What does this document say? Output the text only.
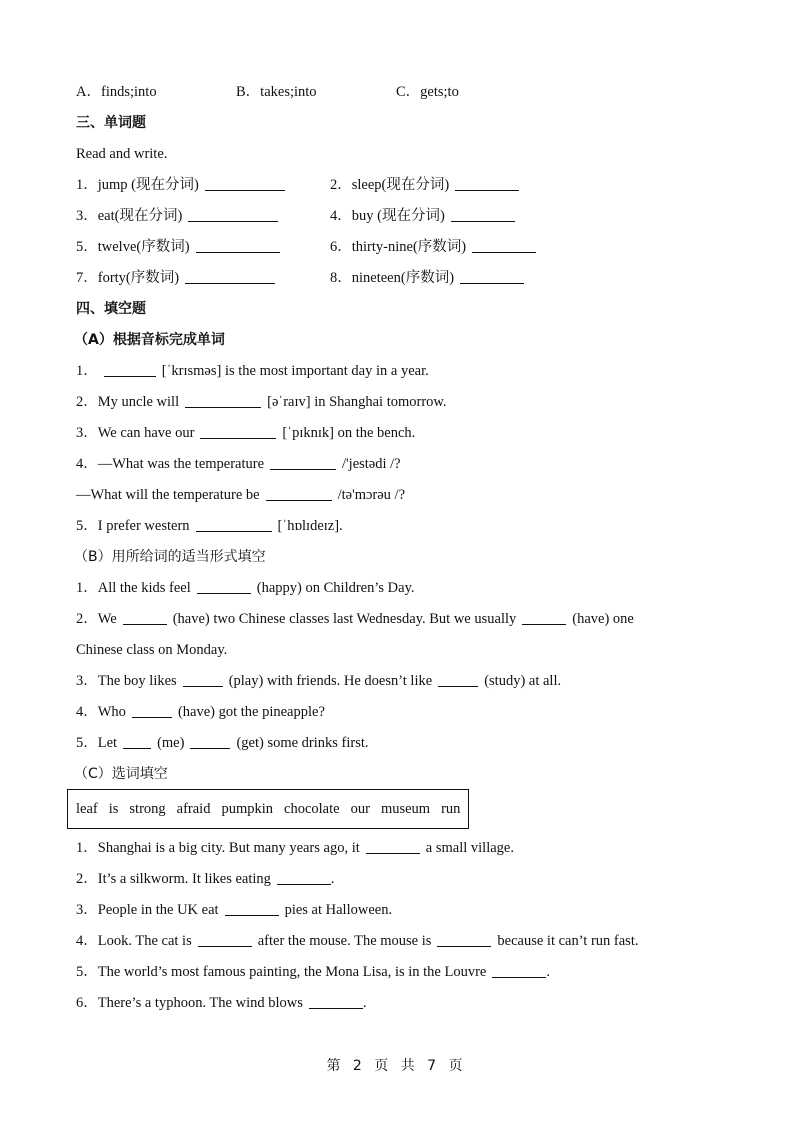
A． finds;into	B． takes;into	C． gets;to
三、单词题
Read and write.
1． jump (现在分词)	2． sleep(现在分词)
3． eat(现在分词)	4． buy (现在分词)
5． twelve(序数词)	6． thirty-nine(序数词)
7． forty(序数词)	8． nineteen(序数词)
四、填空题
（A）根据音标完成单词
1．	[ˈkrɪsməs] is the most important day in a year.
2． My uncle will	[əˈraɪv] in Shanghai tomorrow.
3． We can have our	[ˈpɪknɪk] on the bench.
4． —What was the temperature	/'jestədi /?
—What will the temperature be	/tə'mɔrəu /?
5． I prefer western	[ˈhɒlɪdeɪz].
（B）用所给词的适当形式填空
1． All the kids feel	(happy) on Children’s Day.
2． We	(have) two Chinese classes last Wednesday. But we usually	(have) one
Chinese class on Monday.
3． The boy likes	(play) with friends. He doesn’t like	(study) at all.
4． Who	(have) got the pineapple?
5． Let	(me)	(get) some drinks first.
（C）选词填空
leaf is strong afraid pumpkin chocolate our museum run
1． Shanghai is a big city. But many years ago, it	a small village.
2． It’s a silkworm. It likes eating	.
3． People in the UK eat	pies at Halloween.
4． Look. The cat is	after the mouse. The mouse is	because it can’t run fast.
5． The world’s most famous painting, the Mona Lisa, is in the Louvre	.
6． There’s a typhoon. The wind blows	.
第 2 页 共 7 页
